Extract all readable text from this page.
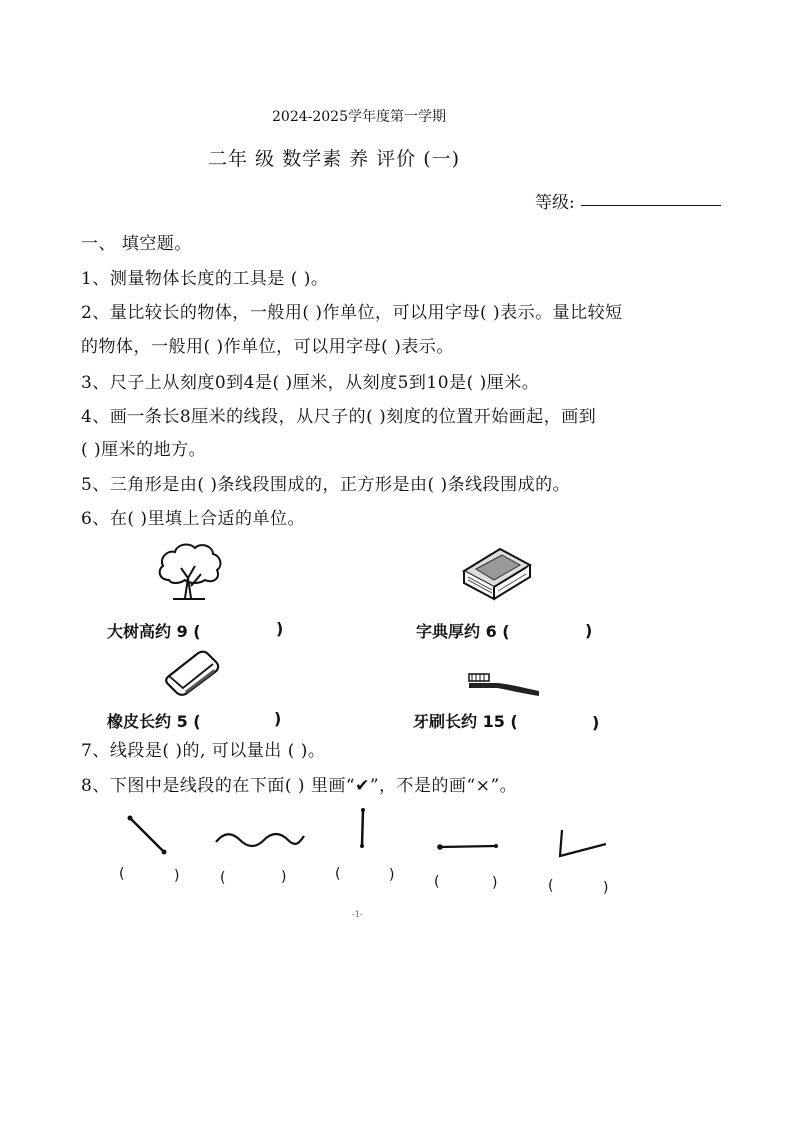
2024-2025学年度第一学期
二年 级 数学素 养 评价 (一)
等级:
一、 填空题。
1、测量物体长度的工具是 ( )。
2、量比较长的物体，一般用( )作单位，可以用字母( )表示。量比较短
的物体，一般用( )作单位，可以用字母( )表示。
3、尺子上从刻度0到4是( )厘米，从刻度5到10是( )厘米。
4、画一条长8厘米的线段，从尺子的( )刻度的位置开始画起，画到
( )厘米的地方。
5、三角形是由( )条线段围成的，正方形是由( )条线段围成的。
6、在( )里填上合适的单位。
大树高约 9 (	)	字典厚约 6 (	)
橡皮长约 5 (	)	牙刷长约 15 (	)
7、线段是( )的, 可以量出 ( )。
8、下图中是线段的在下面( ) 里画“✔”，不是的画“×”。
(	)	(	)	(	)	(	)	(	)
-1-
